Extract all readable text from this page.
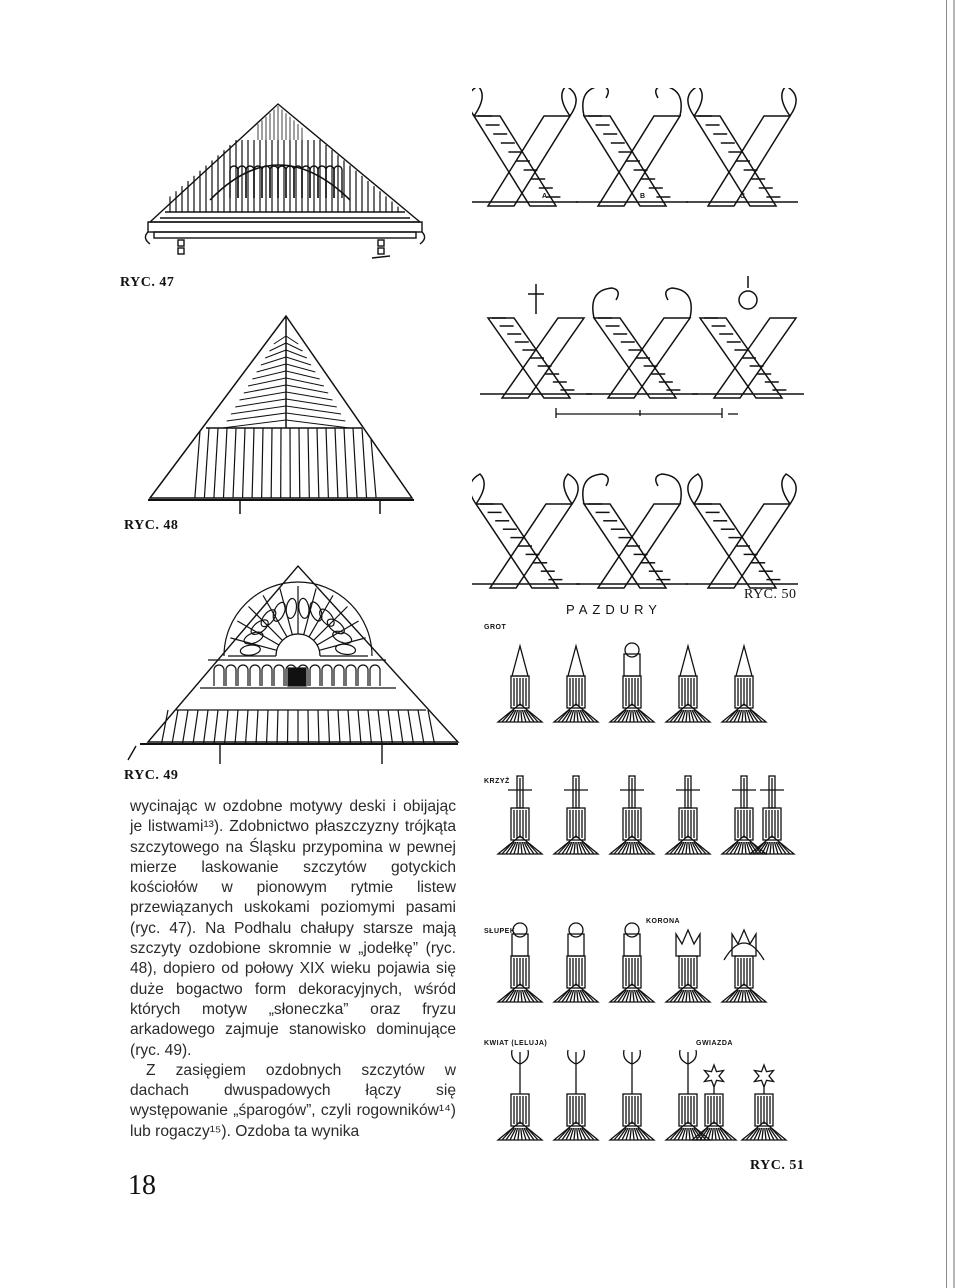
RYC. 47
RYC. 48
RYC. 49
A	B	C
PAZDURY
RYC. 50
GROT
KRZYŻ
SŁUPEK
KORONA
KWIAT (LELUJA)	GWIAZDA
RYC. 51

wycinając w ozdobne motywy deski i obijając je listwami¹³). Zdobnictwo płaszczyzny trójkąta szczytowego na Śląsku przypomina w pewnej mierze laskowanie szczytów gotyckich kościołów w pionowym rytmie listew przewiązanych uskokami poziomymi pasami (ryc. 47). Na Podhalu chałupy starsze mają szczyty ozdobione skromnie w „jodełkę” (ryc. 48), dopiero od połowy XIX wieku pojawia się duże bogactwo form dekoracyjnych, wśród których motyw „słoneczka” oraz fryzu arkadowego zajmuje stanowisko dominujące (ryc. 49).

Z zasięgiem ozdobnych szczytów w dachach dwuspadowych łączy się występowanie „śparogów”, czyli rogowników¹⁴) lub rogaczy¹⁵). Ozdoba ta wynika

18
